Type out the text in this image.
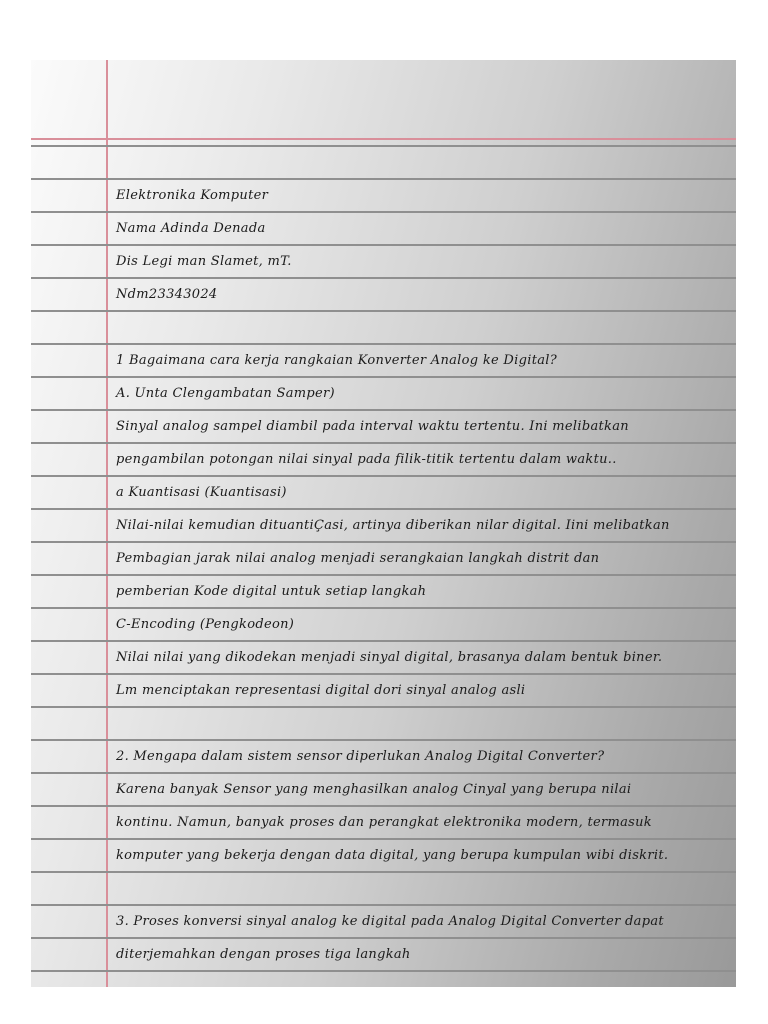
Elektronika Komputer
Nama Adinda Denada
Dis Legi man Slamet, mT.
Ndm23343024
1 Bagaimana cara kerja rangkaian Konverter Analog ke Digital?
A. Unta Clengambatan Samper)
Sinyal analog sampel diambil pada interval waktu tertentu. Ini melibatkan
pengambilan potongan nilai sinyal pada filik-titik tertentu dalam waktu..
a Kuantisasi (Kuantisasi)
Nilai-nilai kemudian dituantiÇasi, artinya diberikan nilar digital. Iini melibatkan
Pembagian jarak nilai analog menjadi serangkaian langkah distrit dan
pemberian Kode digital untuk setiap langkah
C-Encoding (Pengkodeon)
Nilai nilai yang dikodekan menjadi sinyal digital, brasanya dalam bentuk biner.
Lm menciptakan representasi digital dori sinyal analog asli
2. Mengapa dalam sistem sensor diperlukan Analog Digital Converter?
Karena banyak Sensor yang menghasilkan analog Cinyal yang berupa nilai
kontinu. Namun, banyak proses dan perangkat elektronika modern, termasuk
komputer yang bekerja dengan data digital, yang berupa kumpulan wibi diskrit.
3. Proses konversi sinyal analog ke digital pada Analog Digital Converter dapat
diterjemahkan dengan proses tiga langkah
